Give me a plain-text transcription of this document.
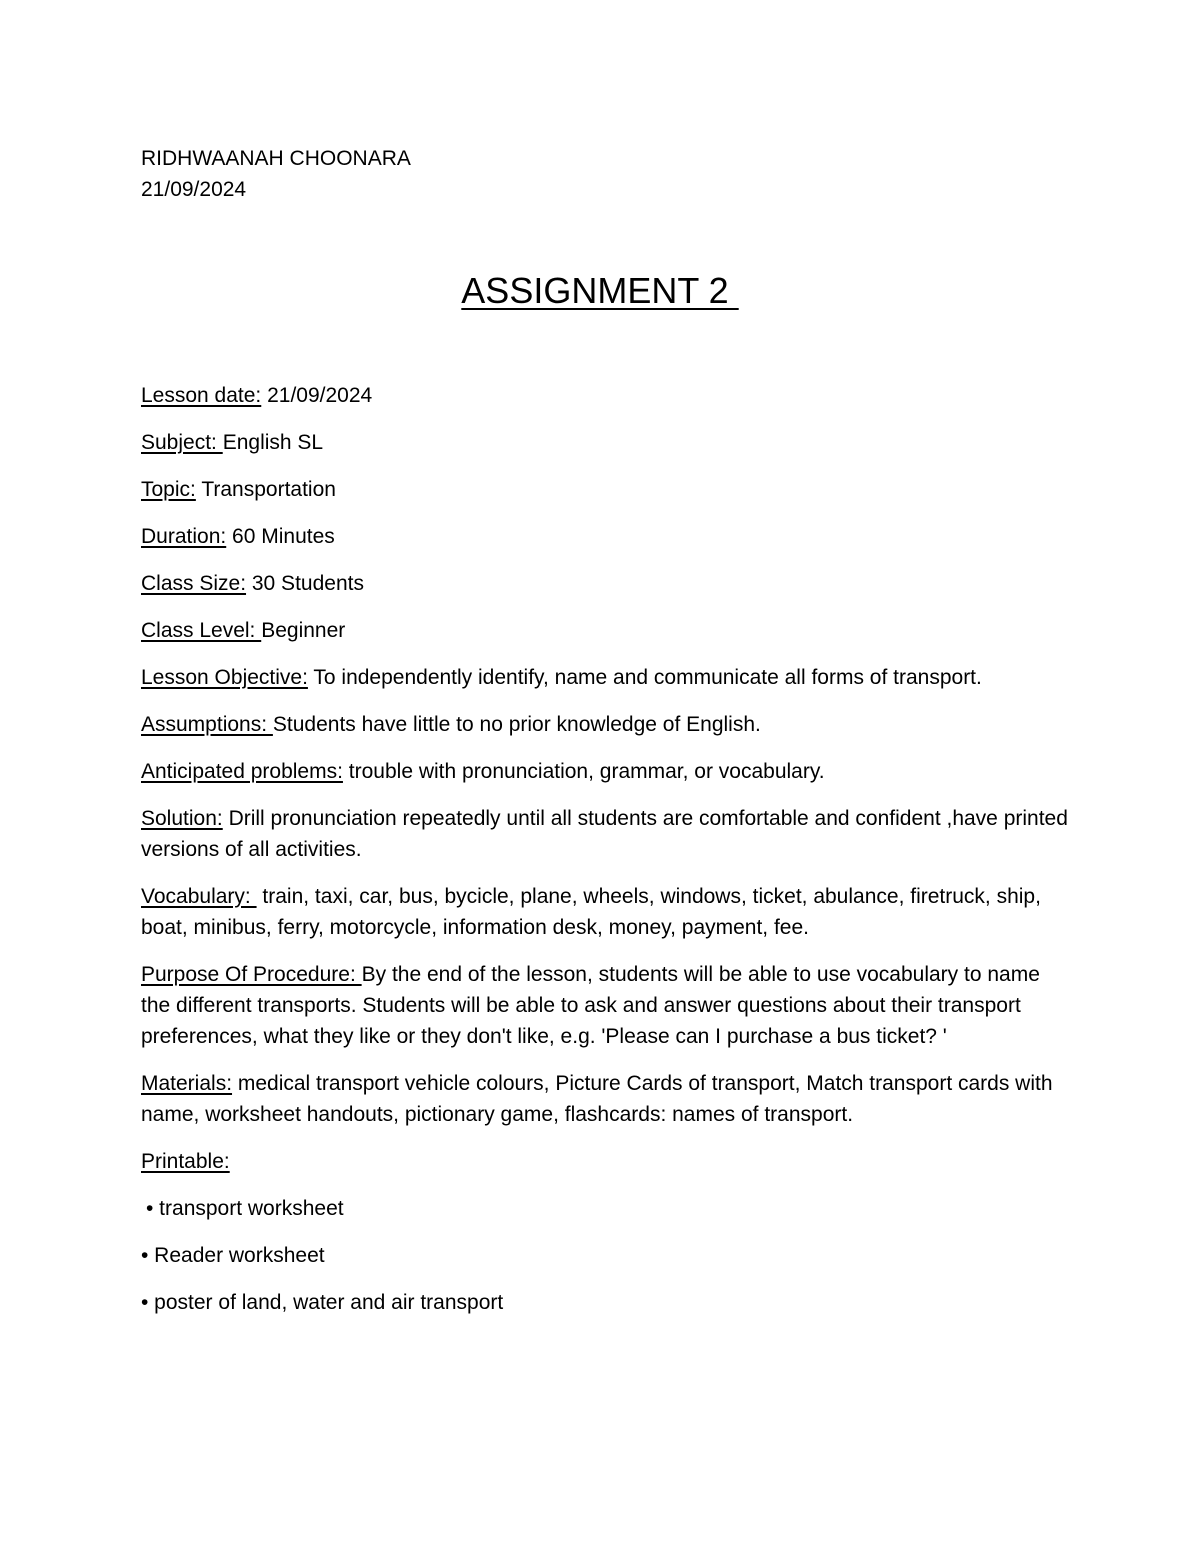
RIDHWAANAH CHOONARA
21/09/2024
ASSIGNMENT 2
Lesson date: 21/09/2024
Subject: English SL
Topic: Transportation
Duration: 60 Minutes
Class Size: 30 Students
Class Level: Beginner
Lesson Objective: To independently identify, name and communicate all forms of transport.
Assumptions: Students have little to no prior knowledge of English.
Anticipated problems: trouble with pronunciation, grammar, or vocabulary.
Solution: Drill pronunciation repeatedly until all students are comfortable and confident ,have printed versions of all activities.
Vocabulary:  train, taxi, car, bus, bycicle, plane, wheels, windows, ticket, abulance, firetruck, ship, boat, minibus, ferry, motorcycle, information desk, money, payment, fee.
Purpose Of Procedure: By the end of the lesson, students will be able to use vocabulary to name the different transports. Students will be able to ask and answer questions about their transport preferences, what they like or they don't like, e.g. 'Please can I purchase a bus ticket? '
Materials: medical transport vehicle colours, Picture Cards of transport, Match transport cards with name, worksheet handouts, pictionary game, flashcards: names of transport.
Printable:
• transport worksheet
• Reader worksheet
• poster of land, water and air transport
